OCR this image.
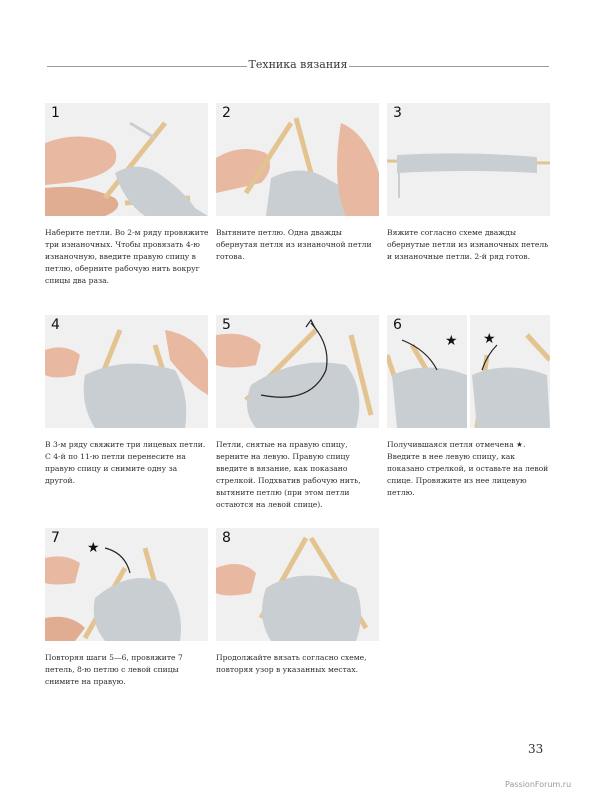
Техника вязания
1
Наберите петли. Во 2-м ряду провяжите три изнаночных. Чтобы провязать 4-ю изнаночную, введите правую спицу в петлю, оберните рабочую нить вокруг спицы два раза.
2
Вытяните петлю. Одна дважды обернутая петля из изнаночной петли готова.
3
Вяжите согласно схеме дважды обернутые петли из изнаночных петель и изнаночные петли. 2-й ряд готов.
4
В 3-м ряду свяжите три лицевых петли. С 4-й по 11-ю петли перенесите на правую спицу и снимите одну за другой.
5
Петли, снятые на правую спицу, верните на левую. Правую спицу введите в вязание, как показано стрелкой. Подхватив рабочую нить, вытяните петлю (при этом петли остаются на левой спице).
★ ★
6
Получившаяся петля отмечена ★. Введите в нее левую спицу, как показано стрелкой, и оставьте на левой спице. Провяжите из нее лицевую петлю.
★
7
Повторяя шаги 5—6, провяжите 7 петель, 8-ю петлю с левой спицы снимите на правую.
8
Продолжайте вязать согласно схеме, повторяя узор в указанных местах.
33
PassionForum.ru
